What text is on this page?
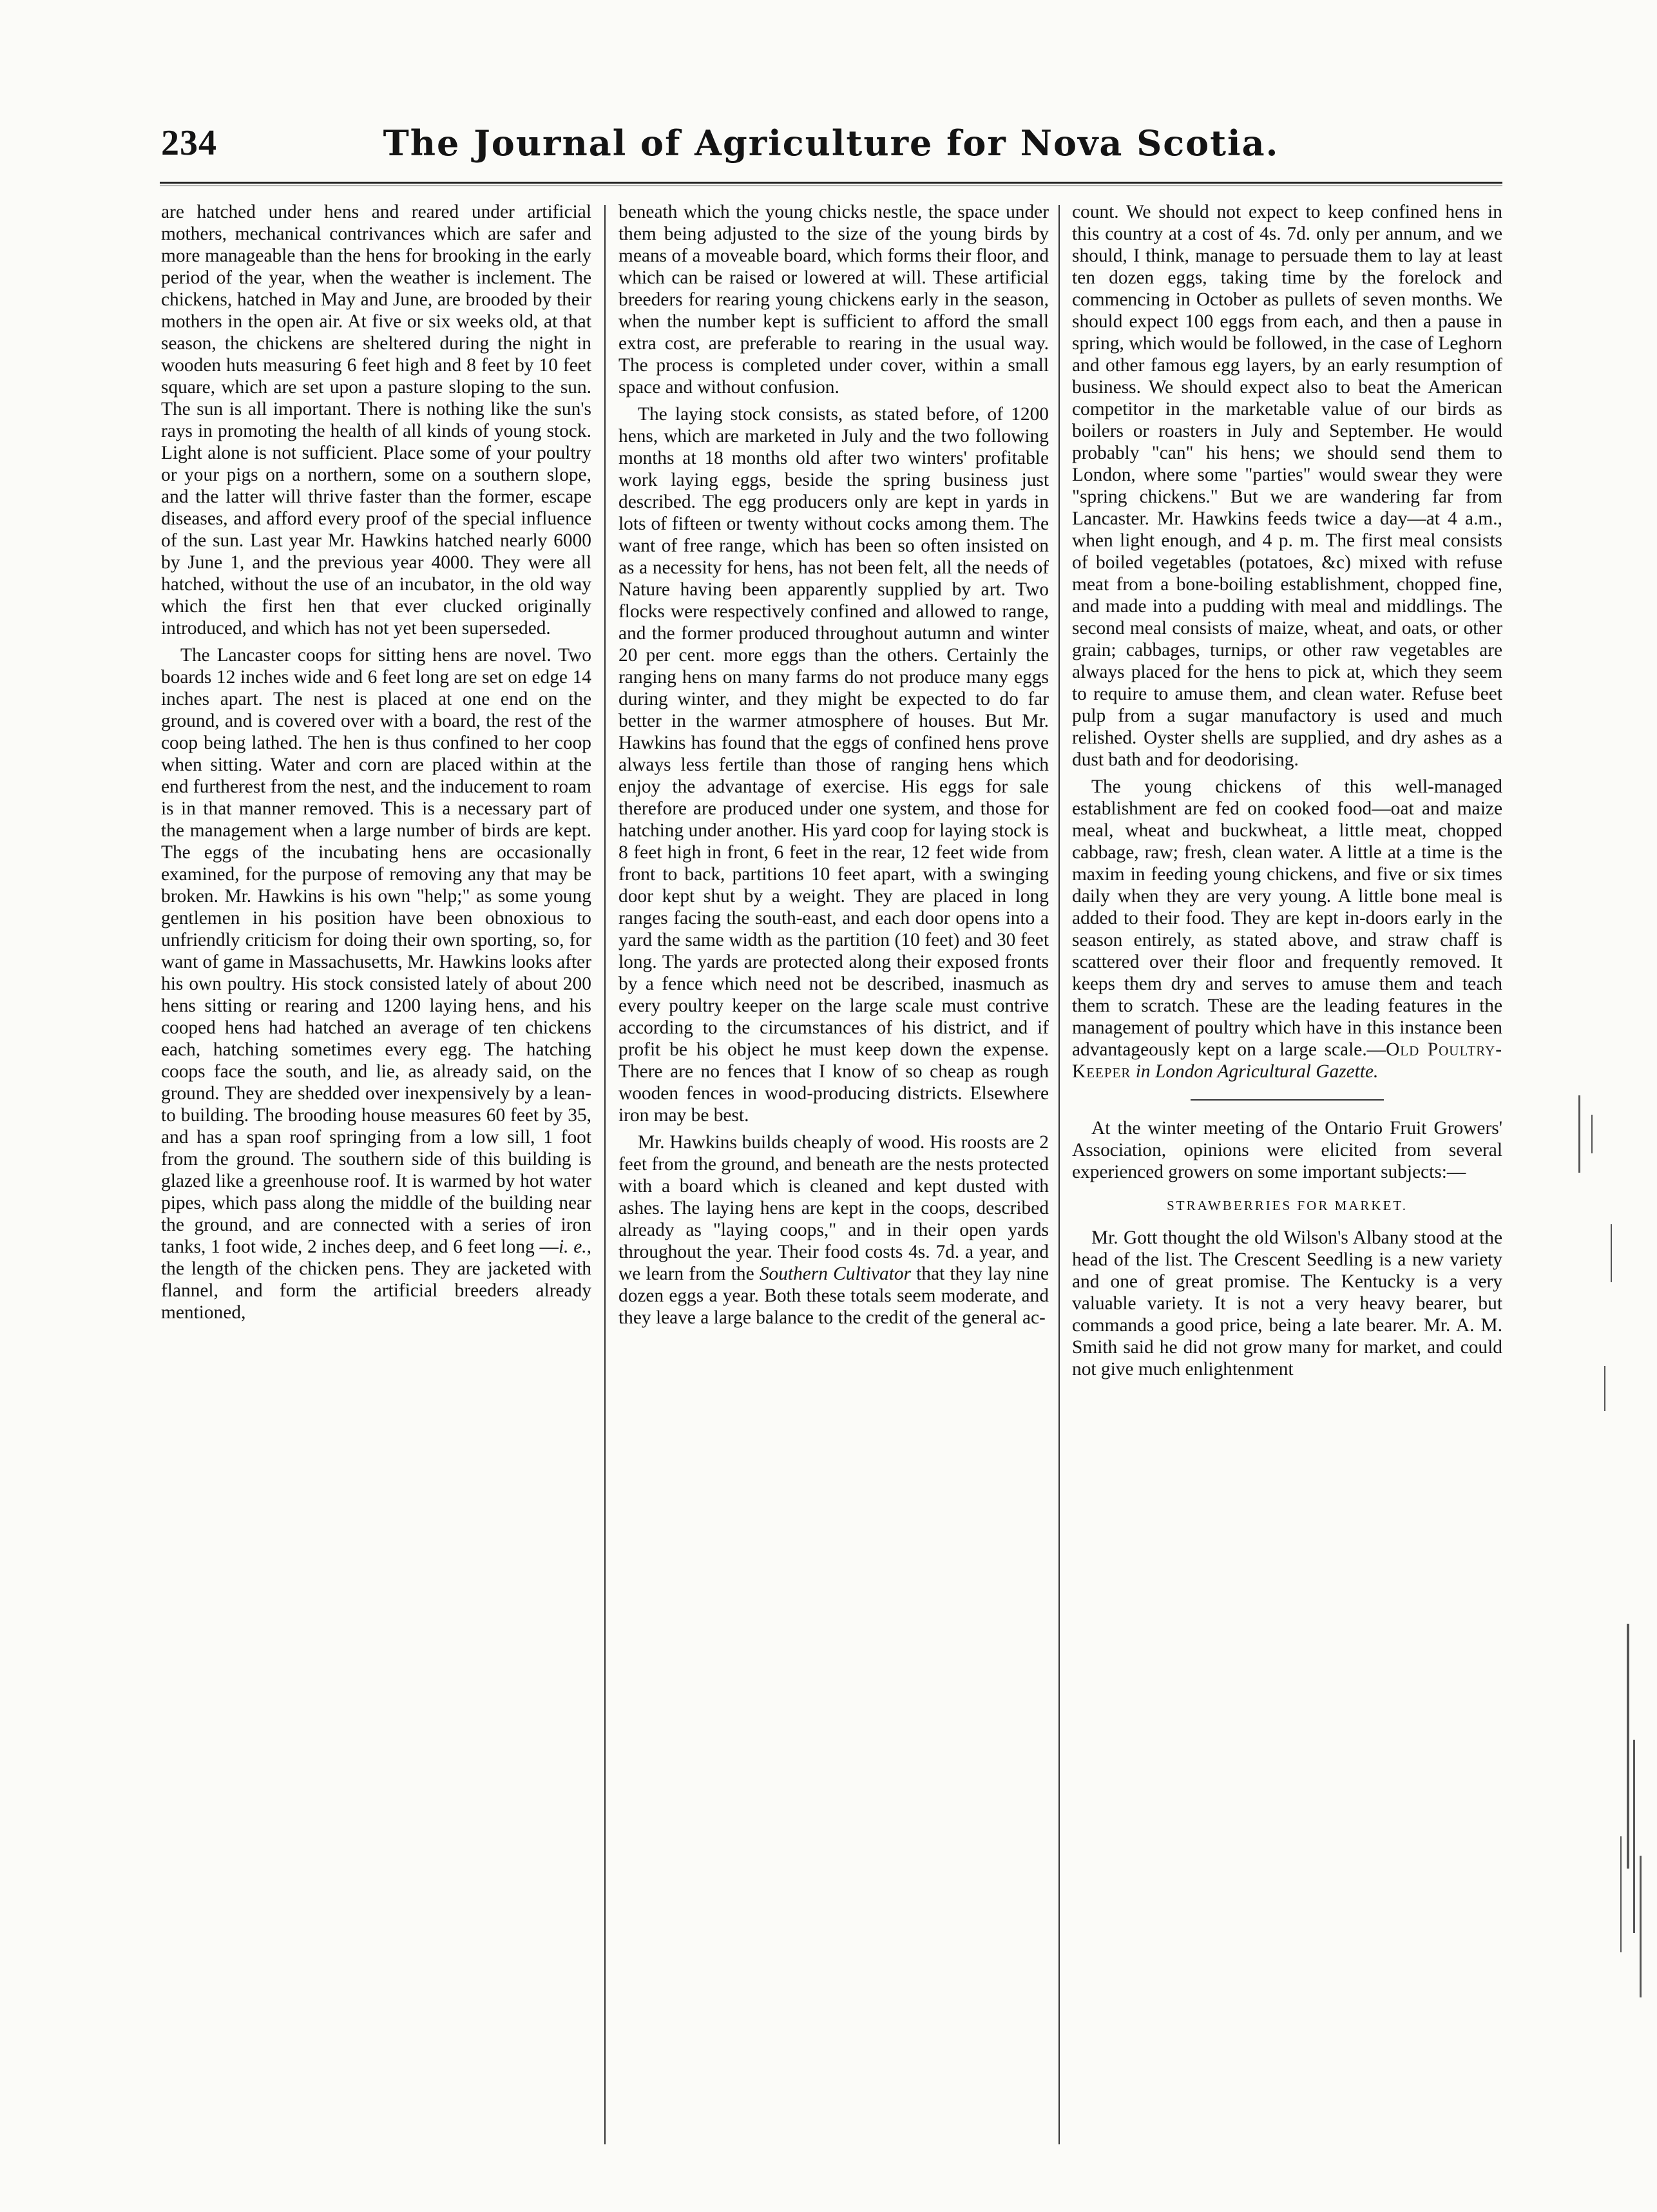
234	The Journal of Agriculture for Nova Scotia.

are hatched under hens and reared under artificial mothers, mechanical contrivances which are safer and more manageable than the hens for brooking in the early period of the year, when the weather is inclement. The chickens, hatched in May and June, are brooded by their mothers in the open air. At five or six weeks old, at that season, the chickens are sheltered during the night in wooden huts measuring 6 feet high and 8 feet by 10 feet square, which are set upon a pasture sloping to the sun. The sun is all important. There is nothing like the sun's rays in promoting the health of all kinds of young stock. Light alone is not sufficient. Place some of your poultry or your pigs on a northern, some on a southern slope, and the latter will thrive faster than the former, escape diseases, and afford every proof of the special influence of the sun. Last year Mr. Hawkins hatched nearly 6000 by June 1, and the previous year 4000. They were all hatched, without the use of an incubator, in the old way which the first hen that ever clucked originally introduced, and which has not yet been superseded.

The Lancaster coops for sitting hens are novel. Two boards 12 inches wide and 6 feet long are set on edge 14 inches apart. The nest is placed at one end on the ground, and is covered over with a board, the rest of the coop being lathed. The hen is thus confined to her coop when sitting. Water and corn are placed within at the end furtherest from the nest, and the inducement to roam is in that manner removed. This is a necessary part of the management when a large number of birds are kept. The eggs of the incubating hens are occasionally examined, for the purpose of removing any that may be broken. Mr. Hawkins is his own "help;" as some young gentlemen in his position have been obnoxious to unfriendly criticism for doing their own sporting, so, for want of game in Massachusetts, Mr. Hawkins looks after his own poultry. His stock consisted lately of about 200 hens sitting or rearing and 1200 laying hens, and his cooped hens had hatched an average of ten chickens each, hatching sometimes every egg. The hatching coops face the south, and lie, as already said, on the ground. They are shedded over inexpensively by a lean-to building. The brooding house measures 60 feet by 35, and has a span roof springing from a low sill, 1 foot from the ground. The southern side of this building is glazed like a greenhouse roof. It is warmed by hot water pipes, which pass along the middle of the building near the ground, and are connected with a series of iron tanks, 1 foot wide, 2 inches deep, and 6 feet long —i. e., the length of the chicken pens. They are jacketed with flannel, and form the artificial breeders already mentioned,

beneath which the young chicks nestle, the space under them being adjusted to the size of the young birds by means of a moveable board, which forms their floor, and which can be raised or lowered at will. These artificial breeders for rearing young chickens early in the season, when the number kept is sufficient to afford the small extra cost, are preferable to rearing in the usual way. The process is completed under cover, within a small space and without confusion.

The laying stock consists, as stated before, of 1200 hens, which are marketed in July and the two following months at 18 months old after two winters' profitable work laying eggs, beside the spring business just described. The egg producers only are kept in yards in lots of fifteen or twenty without cocks among them. The want of free range, which has been so often insisted on as a necessity for hens, has not been felt, all the needs of Nature having been apparently supplied by art. Two flocks were respectively confined and allowed to range, and the former produced throughout autumn and winter 20 per cent. more eggs than the others. Certainly the ranging hens on many farms do not produce many eggs during winter, and they might be expected to do far better in the warmer atmosphere of houses. But Mr. Hawkins has found that the eggs of confined hens prove always less fertile than those of ranging hens which enjoy the advantage of exercise. His eggs for sale therefore are produced under one system, and those for hatching under another. His yard coop for laying stock is 8 feet high in front, 6 feet in the rear, 12 feet wide from front to back, partitions 10 feet apart, with a swinging door kept shut by a weight. They are placed in long ranges facing the south-east, and each door opens into a yard the same width as the partition (10 feet) and 30 feet long. The yards are protected along their exposed fronts by a fence which need not be described, inasmuch as every poultry keeper on the large scale must contrive according to the circumstances of his district, and if profit be his object he must keep down the expense. There are no fences that I know of so cheap as rough wooden fences in wood-producing districts. Elsewhere iron may be best.

Mr. Hawkins builds cheaply of wood. His roosts are 2 feet from the ground, and beneath are the nests protected with a board which is cleaned and kept dusted with ashes. The laying hens are kept in the coops, described already as "laying coops," and in their open yards throughout the year. Their food costs 4s. 7d. a year, and we learn from the Southern Cultivator that they lay nine dozen eggs a year. Both these totals seem moderate, and they leave a large balance to the credit of the general ac-

count. We should not expect to keep confined hens in this country at a cost of 4s. 7d. only per annum, and we should, I think, manage to persuade them to lay at least ten dozen eggs, taking time by the forelock and commencing in October as pullets of seven months. We should expect 100 eggs from each, and then a pause in spring, which would be followed, in the case of Leghorn and other famous egg layers, by an early resumption of business. We should expect also to beat the American competitor in the marketable value of our birds as boilers or roasters in July and September. He would probably "can" his hens; we should send them to London, where some "parties" would swear they were "spring chickens." But we are wandering far from Lancaster. Mr. Hawkins feeds twice a day—at 4 a.m., when light enough, and 4 p. m. The first meal consists of boiled vegetables (potatoes, &c) mixed with refuse meat from a bone-boiling establishment, chopped fine, and made into a pudding with meal and middlings. The second meal consists of maize, wheat, and oats, or other grain; cabbages, turnips, or other raw vegetables are always placed for the hens to pick at, which they seem to require to amuse them, and clean water. Refuse beet pulp from a sugar manufactory is used and much relished. Oyster shells are supplied, and dry ashes as a dust bath and for deodorising.

The young chickens of this well-managed establishment are fed on cooked food—oat and maize meal, wheat and buckwheat, a little meat, chopped cabbage, raw; fresh, clean water. A little at a time is the maxim in feeding young chickens, and five or six times daily when they are very young. A little bone meal is added to their food. They are kept in-doors early in the season entirely, as stated above, and straw chaff is scattered over their floor and frequently removed. It keeps them dry and serves to amuse them and teach them to scratch. These are the leading features in the management of poultry which have in this instance been advantageously kept on a large scale.—Old Poultry-Keeper in London Agricultural Gazette.

At the winter meeting of the Ontario Fruit Growers' Association, opinions were elicited from several experienced growers on some important subjects:—

STRAWBERRIES FOR MARKET.

Mr. Gott thought the old Wilson's Albany stood at the head of the list. The Crescent Seedling is a new variety and one of great promise. The Kentucky is a very valuable variety. It is not a very heavy bearer, but commands a good price, being a late bearer. Mr. A. M. Smith said he did not grow many for market, and could not give much enlightenment
